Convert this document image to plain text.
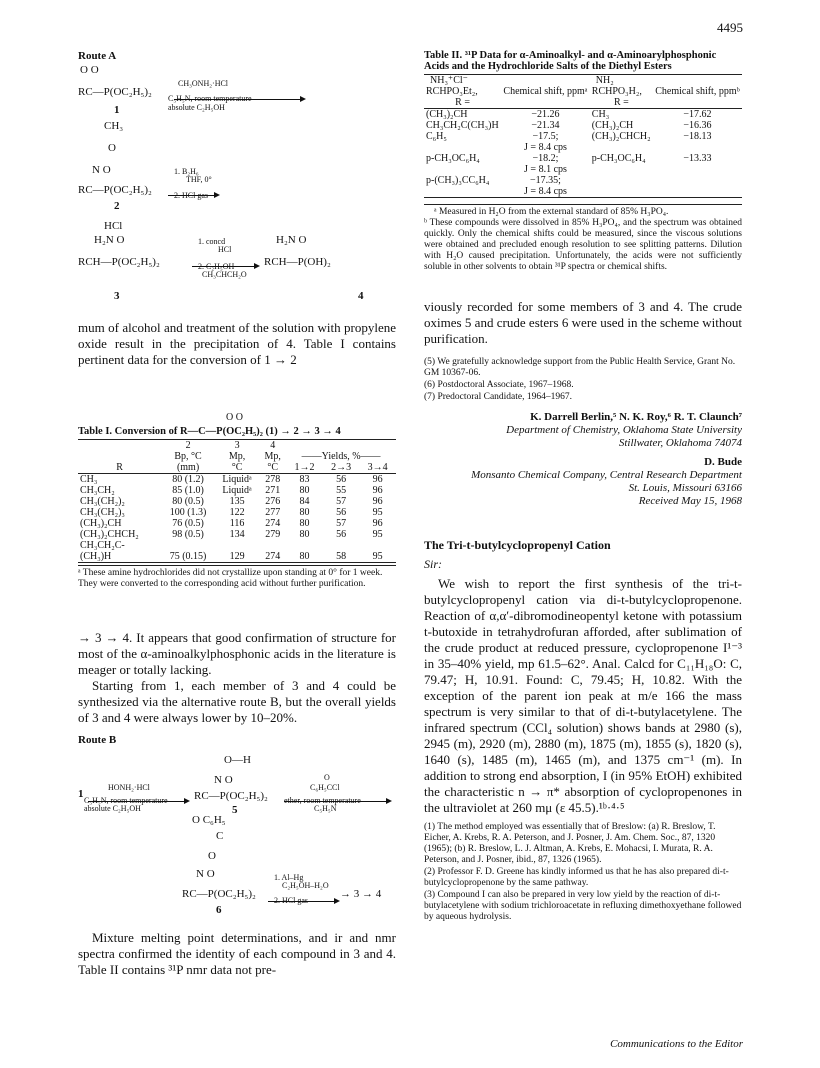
4495
Route A
O O
RC—P(OC₂H₅)₂
1
CH₃ONH₂·HCl
C₅H₅N, room temperature
absolute C₂H₅OH
CH₃
O
N O
RC—P(OC₂H₅)₂
2
1. B₂H₆
THF, 0°
2. HCl gas
HCl
H₂N O
RCH—P(OC₂H₅)₂
3
1. concd
HCl
2. C₂H₅OH
CH₃CHCH₂O
H₂N O
RCH—P(OH)₂
4

mum of alcohol and treatment of the solution with propylene oxide result in the precipitation of 4. Table I contains pertinent data for the conversion of 1 → 2

O O
Table I. Conversion of R—C—P(OC₂H₅)₂ (1) → 2 → 3 → 4
	2	3	4			
	Bp, °C	Mp,	Mp,	——Yields, %——		
R	(mm)	°C	°C	1→2	2→3	3→4
CH₃	80 (1.2)	Liquidᵃ	278	83	56	96
CH₃CH₂	85 (1.0)	Liquidᵃ	271	80	55	96
CH₃(CH₂)₂	80 (0.5)	135	276	84	57	96
CH₃(CH₂)₃	100 (1.3)	122	277	80	56	95
(CH₃)₂CH	76 (0.5)	116	274	80	57	96
(CH₃)₂CHCH₂	98 (0.5)	134	279	80	56	95
CH₃CH₂C-						
(CH₃)H	75 (0.15)	129	274	80	58	95
ᵃ These amine hydrochlorides did not crystallize upon standing at 0° for 1 week. They were converted to the corresponding acid without further purification.

→ 3 → 4. It appears that good confirmation of structure for most of the α-aminoalkylphosphonic acids in the literature is meager or totally lacking.

Starting from 1, each member of 3 and 4 could be synthesized via the alternative route B, but the overall yields of 3 and 4 were always lower by 10–20%.

Route B
O—H
N O
1
HONH₂·HCl
C₅H₅N, room temperature
absolute C₂H₅OH
RC—P(OC₂H₅)₂
5
O
C₆H₅CCl
ether, room temperature
C₅H₅N
O C₆H₅
C
O
N O
RC—P(OC₂H₅)₂
6
1. Al–Hg
C₂H₅OH–H₂O
2. HCl gas
→ 3 → 4

Mixture melting point determinations, and ir and nmr spectra confirmed the identity of each compound in 3 and 4. Table II contains ³¹P nmr data not pre-

Table II. ³¹P Data for α-Aminoalkyl- and α-Aminoarylphosphonic Acids and the Hydrochloride Salts of the Diethyl Esters
NH₃⁺Cl⁻		NH₂	
RCHPO₃Et₂,	Chemical shift, ppmᵃ	RCHPO₃H₂,	Chemical shift, ppmᵇ
R =		R =	
(CH₃)₂CH	−21.26	CH₃	−17.62
CH₃CH₂C(CH₃)H	−21.34	(CH₃)₂CH	−16.36
C₆H₅	−17.5;	(CH₃)₂CHCH₂	−18.13
	J = 8.4 cps		
p-CH₃OC₆H₄	−18.2;	p-CH₃OC₆H₄	−13.33
	J = 8.1 cps		
p-(CH₃)₃CC₆H₄	−17.35;		
	J = 8.4 cps		
ᵃ Measured in H₂O from the external standard of 85% H₃PO₄.
ᵇ These compounds were dissolved in 85% H₃PO₄, and the spectrum was obtained quickly. Only the chemical shifts could be measured, since the viscous solutions were obtained and precluded enough resolution to see splitting patterns. Dilution with H₂O caused precipitation. Unfortunately, the acids were not sufficiently soluble in other solvents to obtain ³¹P spectra or chemical shifts.

viously recorded for some members of 3 and 4. The crude oximes 5 and crude esters 6 were used in the scheme without purification.

(5) We gratefully acknowledge support from the Public Health Service, Grant No. GM 10367-06.

(6) Postdoctoral Associate, 1967–1968.

(7) Predoctoral Candidate, 1964–1967.

K. Darrell Berlin,⁵ N. K. Roy,⁶ R. T. Claunch⁷
Department of Chemistry, Oklahoma State University
Stillwater, Oklahoma 74074
D. Bude
Monsanto Chemical Company, Central Research Department
St. Louis, Missouri 63166
Received May 15, 1968
The Tri-t-butylcyclopropenyl Cation
Sir:

We wish to report the first synthesis of the tri-t-butylcyclopropenyl cation via di-t-butylcyclopropenone. Reaction of α,α′-dibromodineopentyl ketone with potassium t-butoxide in tetrahydrofuran afforded, after sublimation of the crude product at reduced pressure, cyclopropenone I¹⁻³ in 35–40% yield, mp 61.5–62°. Anal. Calcd for C₁₁H₁₈O: C, 79.47; H, 10.91. Found: C, 79.45; H, 10.82. With the exception of the parent ion peak at m/e 166 the mass spectrum is very similar to that of di-t-butylacetylene. The infrared spectrum (CCl₄ solution) shows bands at 2980 (s), 2945 (m), 2920 (m), 2880 (m), 1875 (m), 1855 (s), 1820 (s), 1640 (s), 1485 (m), 1465 (m), and 1375 cm⁻¹ (m). In addition to strong end absorption, I (in 95% EtOH) exhibited the characteristic n → π* absorption of cyclopropenones in the ultraviolet at 260 mμ (ε 45.5).¹ᵇ·⁴·⁵

(1) The method employed was essentially that of Breslow: (a) R. Breslow, T. Eicher, A. Krebs, R. A. Peterson, and J. Posner, J. Am. Chem. Soc., 87, 1320 (1965); (b) R. Breslow, L. J. Altman, A. Krebs, E. Mohacsi, I. Murata, R. A. Peterson, and J. Posner, ibid., 87, 1326 (1965).

(2) Professor F. D. Greene has kindly informed us that he has also prepared di-t-butylcyclopropenone by the same pathway.

(3) Compound I can also be prepared in very low yield by the reaction of di-t-butylacetylene with sodium trichloroacetate in refluxing dimethoxyethane followed by aqueous hydrolysis.

Communications to the Editor
